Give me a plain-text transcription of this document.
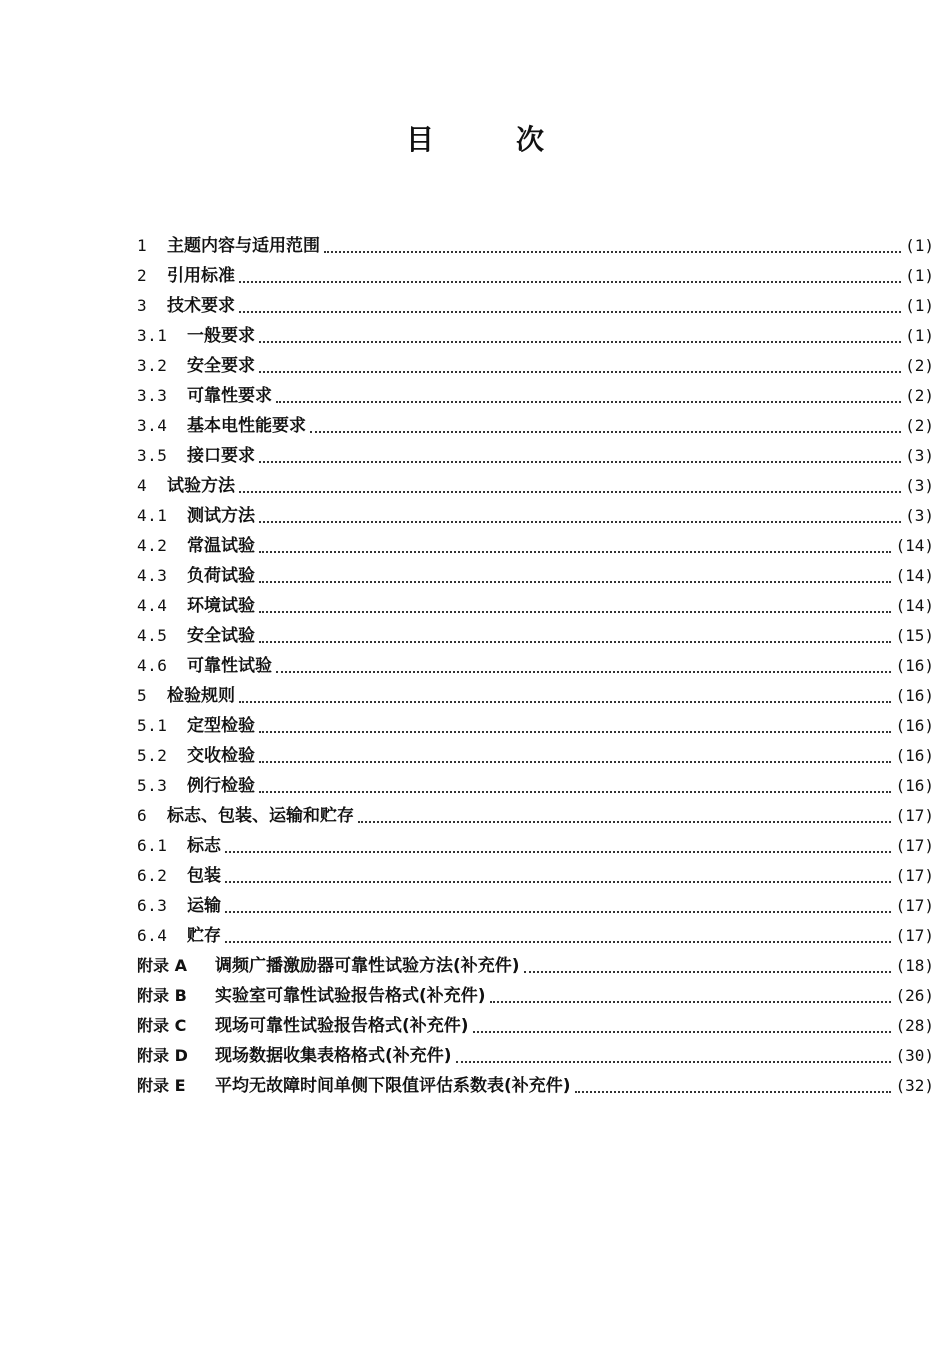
目	次
1	主题内容与适用范围	(1)
2	引用标准	(1)
3	技术要求	(1)
3.1	一般要求	(1)
3.2	安全要求	(2)
3.3	可靠性要求	(2)
3.4	基本电性能要求	(2)
3.5	接口要求	(3)
4	试验方法	(3)
4.1	测试方法	(3)
4.2	常温试验	(14)
4.3	负荷试验	(14)
4.4	环境试验	(14)
4.5	安全试验	(15)
4.6	可靠性试验	(16)
5	检验规则	(16)
5.1	定型检验	(16)
5.2	交收检验	(16)
5.3	例行检验	(16)
6	标志、包装、运输和贮存	(17)
6.1	标志	(17)
6.2	包装	(17)
6.3	运输	(17)
6.4	贮存	(17)
附录 A	调频广播激励器可靠性试验方法(补充件)	(18)
附录 B	实验室可靠性试验报告格式(补充件)	(26)
附录 C	现场可靠性试验报告格式(补充件)	(28)
附录 D	现场数据收集表格格式(补充件)	(30)
附录 E	平均无故障时间单侧下限值评估系数表(补充件)	(32)
